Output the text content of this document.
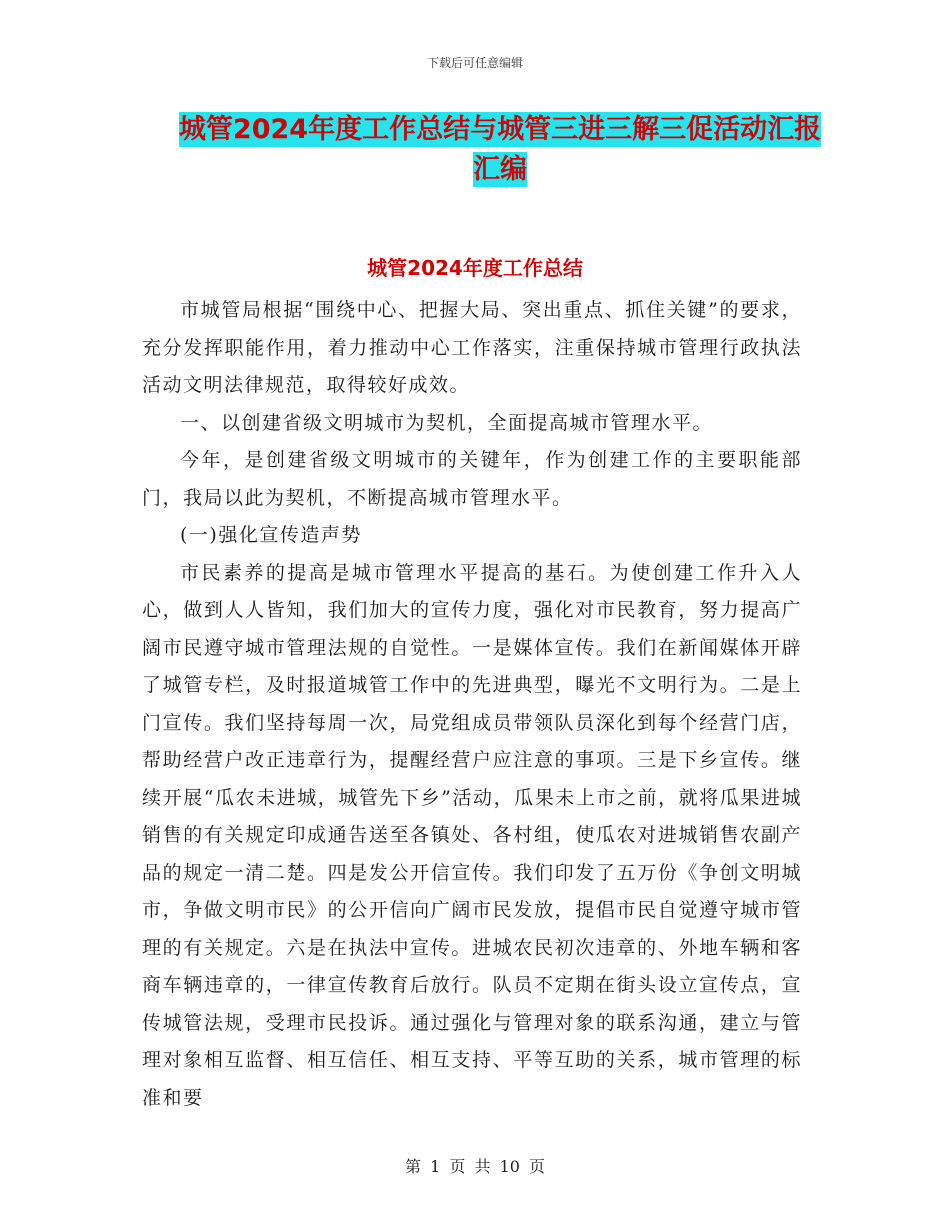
下载后可任意编辑
城管2024年度工作总结与城管三进三解三促活动汇报
汇编
城管2024年度工作总结

市城管局根据“围绕中心、把握大局、突出重点、抓住关键”的要求，充分发挥职能作用，着力推动中心工作落实，注重保持城市管理行政执法活动文明法律规范，取得较好成效。

一、以创建省级文明城市为契机，全面提高城市管理水平。

今年，是创建省级文明城市的关键年，作为创建工作的主要职能部门，我局以此为契机，不断提高城市管理水平。

(一)强化宣传造声势

市民素养的提高是城市管理水平提高的基石。为使创建工作升入人心，做到人人皆知，我们加大的宣传力度，强化对市民教育，努力提高广阔市民遵守城市管理法规的自觉性。一是媒体宣传。我们在新闻媒体开辟了城管专栏，及时报道城管工作中的先进典型，曝光不文明行为。二是上门宣传。我们坚持每周一次，局党组成员带领队员深化到每个经营门店，帮助经营户改正违章行为，提醒经营户应注意的事项。三是下乡宣传。继续开展“瓜农未进城，城管先下乡”活动，瓜果未上市之前，就将瓜果进城销售的有关规定印成通告送至各镇处、各村组，使瓜农对进城销售农副产品的规定一清二楚。四是发公开信宣传。我们印发了五万份《争创文明城市，争做文明市民》的公开信向广阔市民发放，提倡市民自觉遵守城市管理的有关规定。六是在执法中宣传。进城农民初次违章的、外地车辆和客商车辆违章的，一律宣传教育后放行。队员不定期在街头设立宣传点，宣传城管法规，受理市民投诉。通过强化与管理对象的联系沟通，建立与管理对象相互监督、相互信任、相互支持、平等互助的关系，城市管理的标准和要

第 1 页 共 10 页
